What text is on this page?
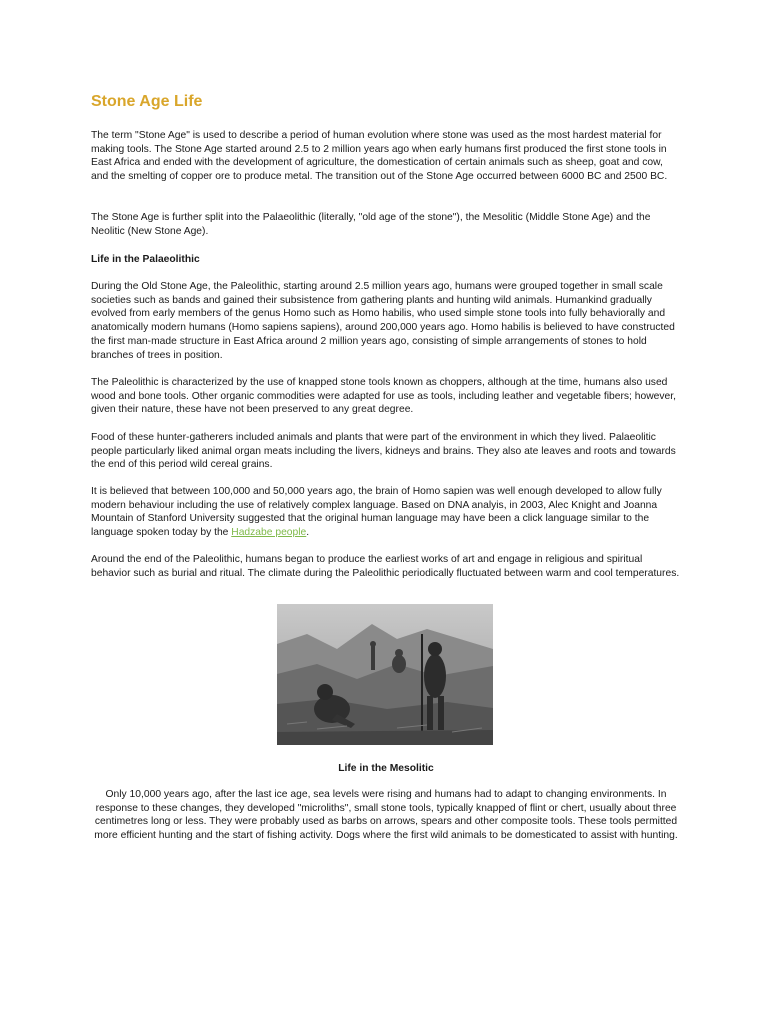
Stone Age Life

The term "Stone Age" is used to describe a period of human evolution where stone was used as the most hardest material for making tools. The Stone Age started around 2.5 to 2 million years ago when early humans first produced the first stone tools in East Africa and ended with the development of agriculture, the domestication of certain animals such as sheep, goat and cow, and the smelting of copper ore to produce metal. The transition out of the Stone Age occurred between 6000 BC and 2500 BC.

The Stone Age is further split into the Palaeolithic (literally, "old age of the stone"), the Mesolitic (Middle Stone Age) and the Neolitic (New Stone Age).

Life in the Palaeolithic

During the Old Stone Age, the Paleolithic, starting around 2.5 million years ago, humans were grouped together in small scale societies such as bands and gained their subsistence from gathering plants and hunting wild animals. Humankind gradually evolved from early members of the genus Homo such as Homo habilis, who used simple stone tools into fully behaviorally and anatomically modern humans (Homo sapiens sapiens), around 200,000 years ago. Homo habilis is believed to have constructed the first man-made structure in East Africa around 2 million years ago, consisting of simple arrangements of stones to hold branches of trees in position.

The Paleolithic is characterized by the use of knapped stone tools known as choppers, although at the time, humans also used wood and bone tools. Other organic commodities were adapted for use as tools, including leather and vegetable fibers; however, given their nature, these have not been preserved to any great degree.

Food of these hunter-gatherers included animals and plants that were part of the environment in which they lived. Palaeolitic people particularly liked animal organ meats including the livers, kidneys and brains. They also ate leaves and roots and towards the end of this period wild cereal grains.

It is believed that between 100,000 and 50,000 years ago, the brain of Homo sapien was well enough developed to allow fully modern behaviour including the use of relatively complex language. Based on DNA analyis, in 2003, Alec Knight and Joanna Mountain of Stanford University suggested that the original human language may have been a click language similar to the language spoken today by the Hadzabe people.

Around the end of the Paleolithic, humans began to produce the earliest works of art and engage in religious and spiritual behavior such as burial and ritual. The climate during the Paleolithic periodically fluctuated between warm and cool temperatures.

Life in the Mesolitic

Only 10,000 years ago, after the last ice age, sea levels were rising and humans had to adapt to changing environments. In response to these changes, they developed "microliths", small stone tools, typically knapped of flint or chert, usually about three centimetres long or less. They were probably used as barbs on arrows, spears and other composite tools. These tools permitted more efficient hunting and the start of fishing activity. Dogs where the first wild animals to be domesticated to assist with hunting.
